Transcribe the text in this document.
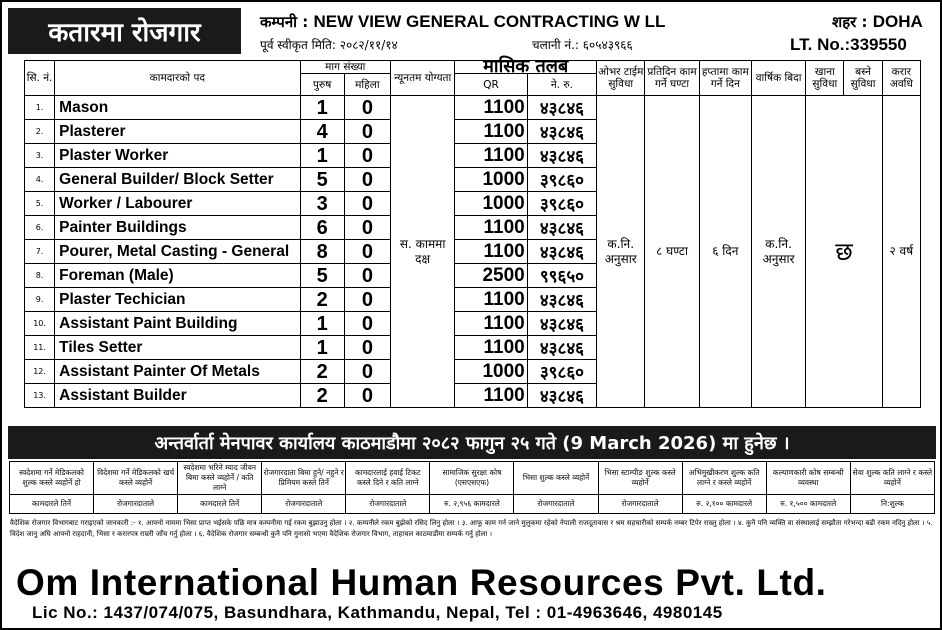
कतारमा रोजगार	कम्पनी : NEW VIEW GENERAL CONTRACTING W LL	शहर : DOHA
पूर्व स्वीकृत मिति: २०८२/११/१४	चलानी नं.: ६०५४३९६६	LT. No.:339550
सि. नं.	कामदारको पद	माग संख्या		न्यूनतम योग्यता	मासिक तलब		ओभर टाईम सुविधा	प्रतिदिन काम गर्ने घण्टा	हप्तामा काम गर्ने दिन	वार्षिक बिदा	खाना सुविधा	बस्ने सुविधा	करार अवधि
		पुरुष	महिला		QR	ने. रु.							
1.	Mason	1	0	स. काममा दक्ष	1100	४३८४६	क.नि. अनुसार	८ घण्टा	६ दिन	क.नि. अनुसार	छ		२ वर्ष
2.	Plasterer	4	0		1100	४३८४६							
3.	Plaster Worker	1	0		1100	४३८४६							
4.	General Builder/ Block Setter	5	0		1000	३९८६०							
5.	Worker / Labourer	3	0		1000	३९८६०							
6.	Painter Buildings	6	0		1100	४३८४६							
7.	Pourer, Metal Casting - General	8	0		1100	४३८४६							
8.	Foreman (Male)	5	0		2500	९९६५०							
9.	Plaster Techician	2	0		1100	४३८४६							
10.	Assistant Paint Building	1	0		1100	४३८४६							
11.	Tiles Setter	1	0		1100	४३८४६							
12.	Assistant Painter Of Metals	2	0		1000	३९८६०							
13.	Assistant Builder	2	0		1100	४३८४६							
अन्तर्वार्ता मेनपावर कार्यालय काठमाडौमा २०८२ फागुन २५ गते (9 March 2026) मा हुनेछ ।
स्वदेशमा गर्ने मेडिकलको शुल्क कस्ले व्यहोर्ने हो	विदेशमा गर्ने मेडिकलको खर्च कस्ले व्यहोर्ने	स्वदेशमा भरिने म्याद जीवन बिमा कस्ले व्यहोर्ने / कति लाग्ने	रोजगारदाता बिमा हुने/ नहुने र प्रिमियम कस्ले तिर्ने	कामदारलाई हवाई टिकट कस्ले दिने र कति लाग्ने	सामाजिक सुरक्षा कोष (एसएसएफ)	भिसा शुल्क कस्ले व्यहोर्ने	भिसा स्टाम्पीङ शुल्क कस्ले व्यहोर्ने	अभिमुखीकरण शुल्क कति लाग्ने र कस्ले व्यहोर्ने	कल्याणकारी कोष सम्बन्धी व्यवस्था	सेवा शुल्क कति लाग्ने र कस्ले व्यहोर्ने
कामदारले तिर्ने	रोजगारदाताले	कामदारले तिर्ने	रोजगारदाताले	रोजगारदाताले	रु. २,९५६ कामदारले	रोजगारदाताले	रोजगारदाताले	रु. २,१०० कामदारले	रु. १,५०० कामदारले	नि:शुल्क
वैदेशिक रोजगार विभागबाट गराइएको जानकारी :- १. आफ्नो नाममा भिसा प्राप्त भईसके पछि मात्र कम्पनीमा गई रकम बुझाउनु होला । २. कम्पनीले रकम बुझेको रसिद लिनु होला । ३. आफू काम गर्न जाने मुलुकमा रहेको नेपाली राजदूतावास र श्रम सहचारीको सम्पर्क नम्बर टिपेर राख्नु होला । ४. कुनै पनि व्यक्ति वा संस्थालाई सम्झौता गरेभन्दा बढी रकम नदिनु होला । ५. विदेश जानु अघि आफ्नो राहदानी, भिसा र करारपत्र राम्ररी जाँच गर्नु होला । ६. वैदेशिक रोजगार सम्बन्धी कुनै पनि गुनासो भएमा वैदेशिक रोजगार विभाग, ताहाचल काठमाडौंमा सम्पर्क गर्नु होला ।
Om International Human Resources Pvt. Ltd.
Lic No.: 1437/074/075, Basundhara, Kathmandu, Nepal, Tel : 01-4963646, 4980145
